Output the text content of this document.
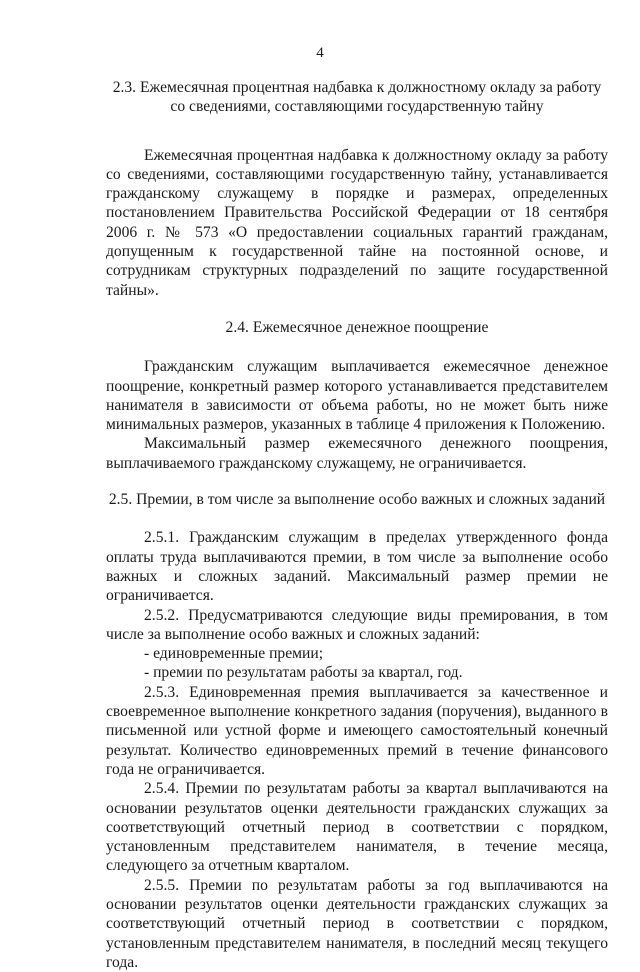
4

2.3. Ежемесячная процентная надбавка к должностному окладу за работу со сведениями, составляющими государственную тайну

Ежемесячная процентная надбавка к должностному окладу за работу со сведениями, составляющими государственную тайну, устанавливается гражданскому служащему в порядке и размерах, определенных постановлением Правительства Российской Федерации от 18 сентября 2006 г. № 573 «О предоставлении социальных гарантий гражданам, допущенным к государственной тайне на постоянной основе, и сотрудникам структурных подразделений по защите государственной тайны».

2.4. Ежемесячное денежное поощрение

Гражданским служащим выплачивается ежемесячное денежное поощрение, конкретный размер которого устанавливается представителем нанимателя в зависимости от объема работы, но не может быть ниже минимальных размеров, указанных в таблице 4 приложения к Положению.

Максимальный размер ежемесячного денежного поощрения, выплачиваемого гражданскому служащему, не ограничивается.

2.5. Премии, в том числе за выполнение особо важных и сложных заданий

2.5.1. Гражданским служащим в пределах утвержденного фонда оплаты труда выплачиваются премии, в том числе за выполнение особо важных и сложных заданий. Максимальный размер премии не ограничивается.

2.5.2. Предусматриваются следующие виды премирования, в том числе за выполнение особо важных и сложных заданий:

- единовременные премии;

- премии по результатам работы за квартал, год.

2.5.3. Единовременная премия выплачивается за качественное и своевременное выполнение конкретного задания (поручения), выданного в письменной или устной форме и имеющего самостоятельный конечный результат. Количество единовременных премий в течение финансового года не ограничивается.

2.5.4. Премии по результатам работы за квартал выплачиваются на основании результатов оценки деятельности гражданских служащих за соответствующий отчетный период в соответствии с порядком, установленным представителем нанимателя, в течение месяца, следующего за отчетным кварталом.

2.5.5. Премии по результатам работы за год выплачиваются на основании результатов оценки деятельности гражданских служащих за соответствующий отчетный период в соответствии с порядком, установленным представителем нанимателя, в последний месяц текущего года.
